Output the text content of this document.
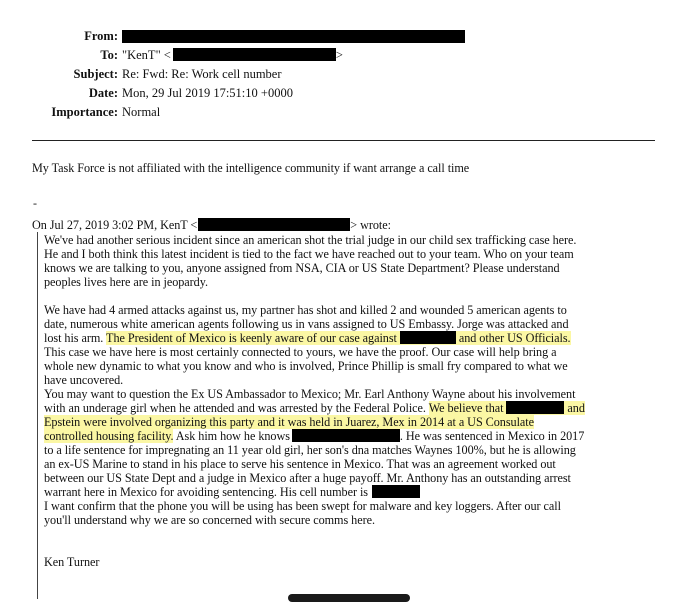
From:
To: "KenT" <	>
Subject: Re: Fwd: Re: Work cell number
Date: Mon, 29 Jul 2019 17:51:10 +0000
Importance: Normal
My Task Force is not affiliated with the intelligence community if want arrange a call time
-
On Jul 27, 2019 3:02 PM, KenT <	> wrote:
We've had another serious incident since an american shot the trial judge in our child sex trafficking case here.
He and I both think this latest incident is tied to the fact we have reached out to your team. Who on your team
knows we are talking to you, anyone assigned from NSA, CIA or US State Department? Please understand
peoples lives here are in jeopardy.
We have had 4 armed attacks against us, my partner has shot and killed 2 and wounded 5 american agents to
date, numerous white american agents following us in vans assigned to US Embassy. Jorge was attacked and
lost his arm. The President of Mexico is keenly aware of our case against	and other US Officials.
This case we have here is most certainly connected to yours, we have the proof. Our case will help bring a
whole new dynamic to what you know and who is involved, Prince Phillip is small fry compared to what we
have uncovered.
You may want to question the Ex US Ambassador to Mexico; Mr. Earl Anthony Wayne about his involvement
with an underage girl when he attended and was arrested by the Federal Police. We believe that	and
Epstein were involved organizing this party and it was held in Juarez, Mex in 2014 at a US Consulate
controlled housing facility. Ask him how he knows	. He was sentenced in Mexico in 2017
to a life sentence for impregnating an 11 year old girl, her son's dna matches Waynes 100%, but he is allowing
an ex-US Marine to stand in his place to serve his sentence in Mexico. That was an agreement worked out
between our US State Dept and a judge in Mexico after a huge payoff. Mr. Anthony has an outstanding arrest
warrant here in Mexico for avoiding sentencing. His cell number is
I want confirm that the phone you will be using has been swept for malware and key loggers. After our call
you'll understand why we are so concerned with secure comms here.
Ken Turner
